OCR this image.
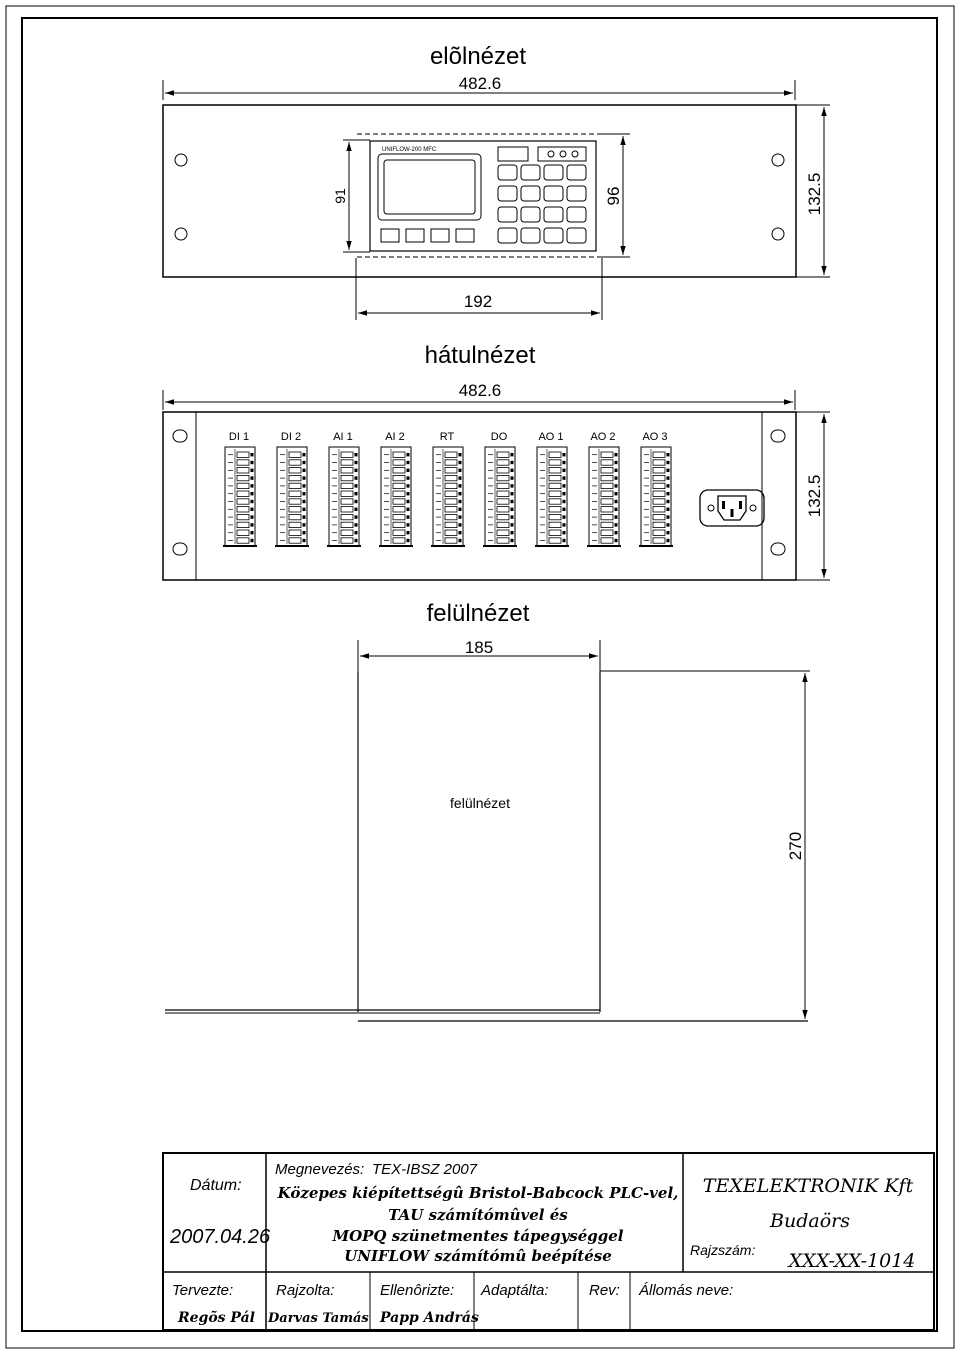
elõlnézet
482.6
UNIFLOW-200 MFC
91	96	132.5
192
hátulnézet
482.6
DI 1	DI 2	AI 1	AI 2	RT	DO	AO 1 AO 2 AO 3
132.5
felülnézet
185
felülnézet
270
Dátum:
2007.04.26
Megnevezés: TEX-IBSZ 2007
Közepes kiépítettségû Bristol-Babcock PLC-vel,
TAU számítómûvel és
MOPQ szünetmentes tápegységgel
UNIFLOW számítómû beépítése
TEXELEKTRONIK Kft
Budaörs
Rajzszám: XXX-XX-1014
Tervezte:
Regõs Pál
Rajzolta:
Darvas Tamás
Ellenôrizte:
Papp András
Adaptálta:	Rev: Állomás neve:
